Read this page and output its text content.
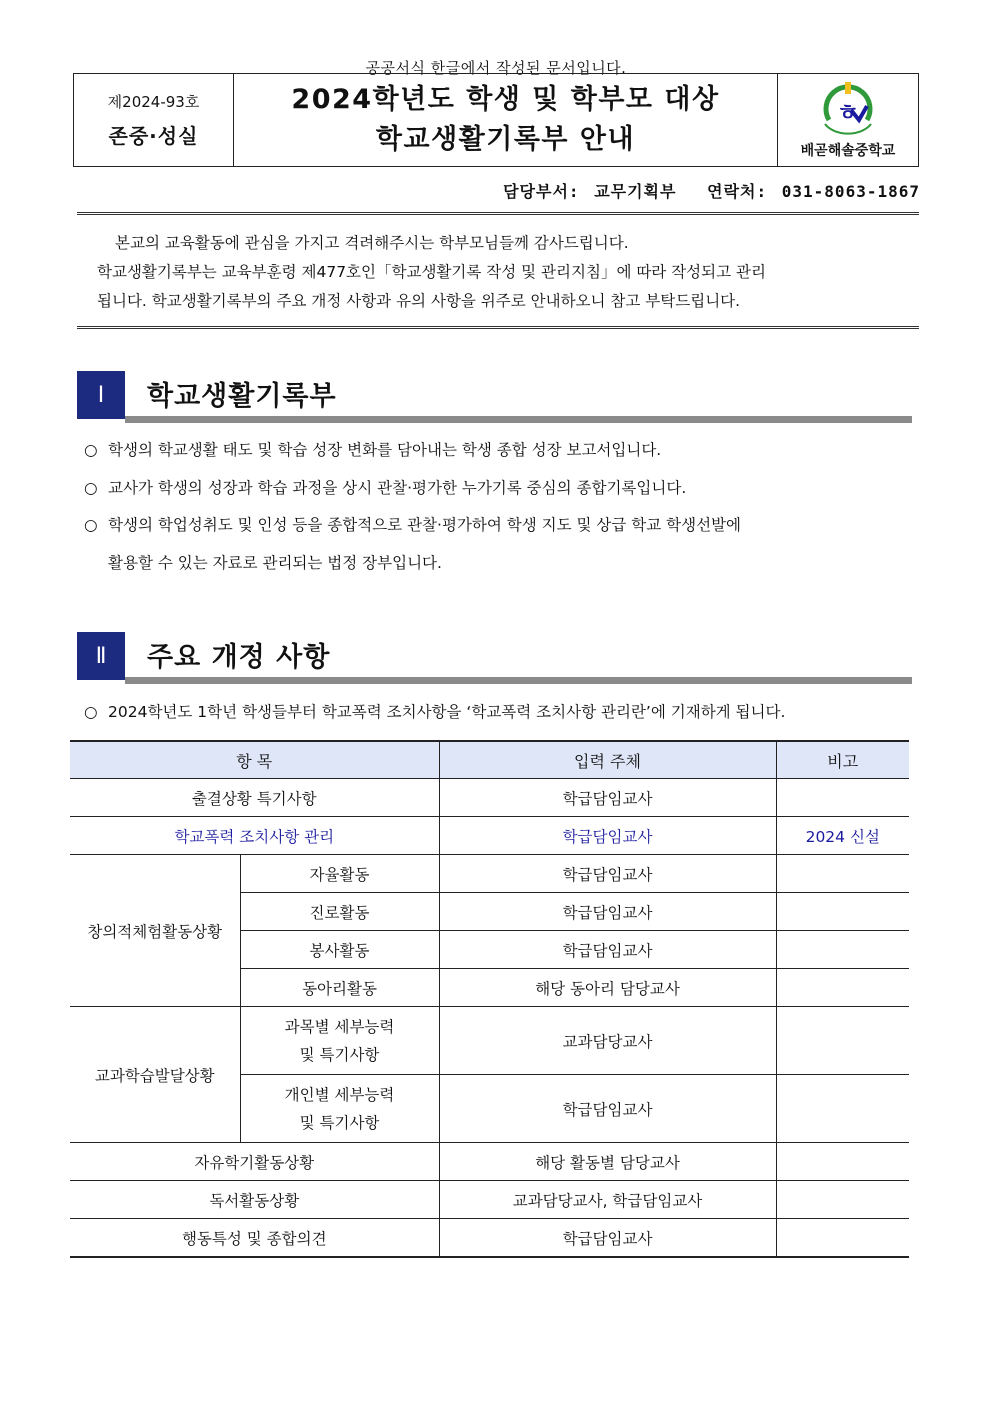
공공서식 한글에서 작성된 문서입니다.
제2024-93호
존중·성실
2024학년도 학생 및 학부모 대상
학교생활기록부 안내
ㅎ
배곧해솔중학교
담당부서: 교무기획부 연락처: 031-8063-1867

본교의 교육활동에 관심을 가지고 격려해주시는 학부모님들께 감사드립니다.

학교생활기록부는 교육부훈령 제477호인「학교생활기록 작성 및 관리지침」에 따라 작성되고 관리

됩니다. 학교생활기록부의 주요 개정 사항과 유의 사항을 위주로 안내하오니 참고 부탁드립니다.

Ⅰ	학교생활기록부
○ 학생의 학교생활 태도 및 학습 성장 변화를 담아내는 학생 종합 성장 보고서입니다.
○ 교사가 학생의 성장과 학습 과정을 상시 관찰·평가한 누가기록 중심의 종합기록입니다.
○ 학생의 학업성취도 및 인성 등을 종합적으로 관찰·평가하여 학생 지도 및 상급 학교 학생선발에
활용할 수 있는 자료로 관리되는 법정 장부입니다.
Ⅱ	주요 개정 사항
○ 2024학년도 1학년 학생들부터 학교폭력 조치사항을 ‘학교폭력 조치사항 관리란’에 기재하게 됩니다.
항 목		입력 주체	비고
출결상황 특기사항		학급담임교사	
학교폭력 조치사항 관리		학급담임교사	2024 신설
창의적체험활동상황	자율활동	학급담임교사	
	진로활동	학급담임교사	
	봉사활동	학급담임교사	
	동아리활동	해당 동아리 담당교사	
교과학습발달상황	과목별 세부능력
및 특기사항	교과담당교사	

	개인별 세부능력
및 특기사항	학급담임교사	
자유학기활동상황		해당 활동별 담당교사	
독서활동상황		교과담당교사, 학급담임교사	
행동특성 및 종합의견		학급담임교사	
